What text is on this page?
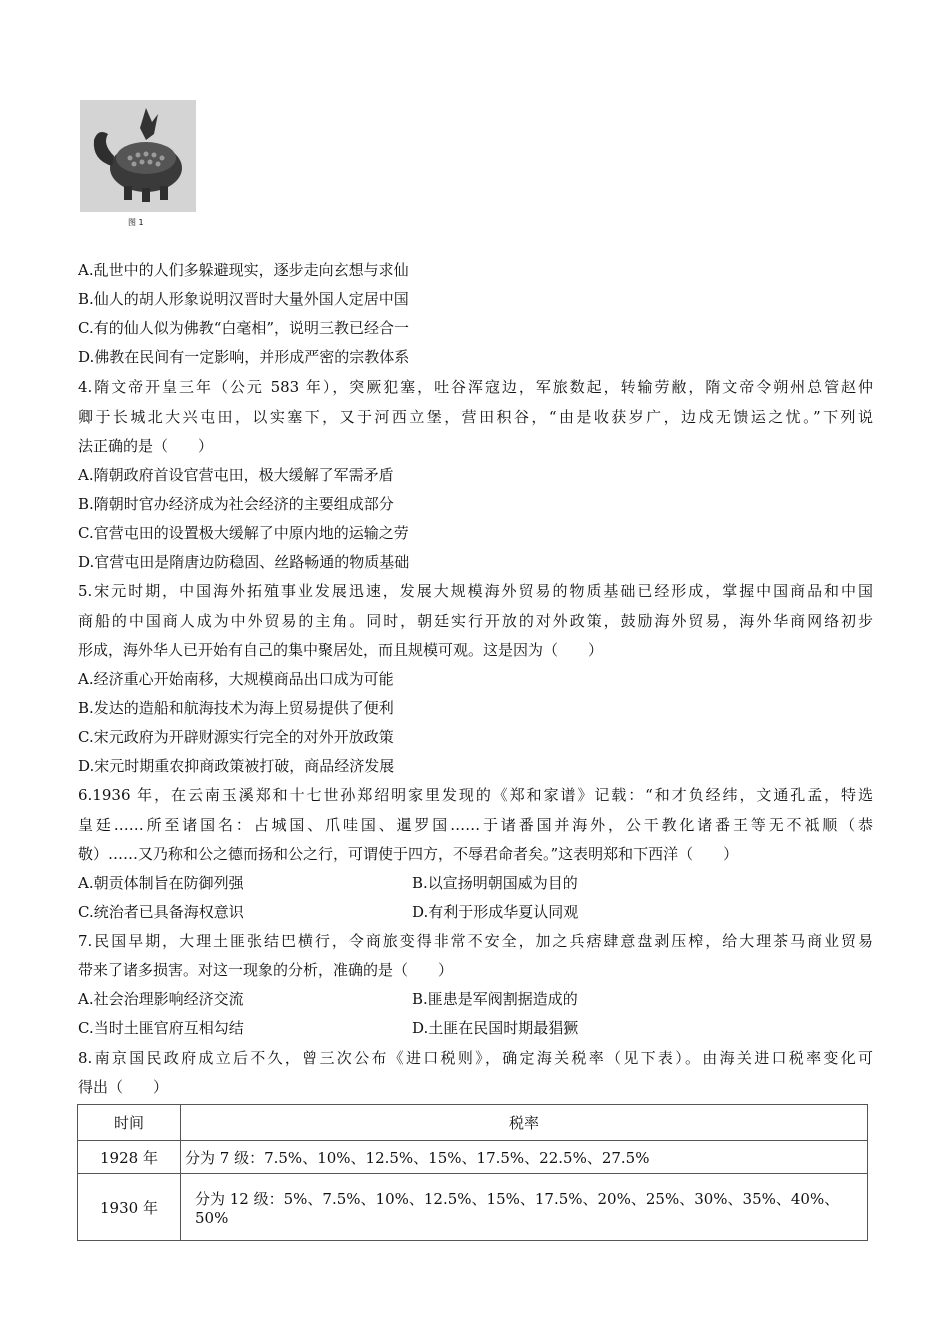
图 1
A.乱世中的人们多躲避现实，逐步走向玄想与求仙
B.仙人的胡人形象说明汉晋时大量外国人定居中国
C.有的仙人似为佛教“白毫相”，说明三教已经合一
D.佛教在民间有一定影响，并形成严密的宗教体系
4.隋文帝开皇三年（公元 583 年），突厥犯塞，吐谷浑寇边，军旅数起，转输劳敝，隋文帝令朔州总管赵仲
卿于长城北大兴屯田，以实塞下，又于河西立堡，营田积谷，“由是收获岁广，边戍无馈运之忧。”下列说
法正确的是（　　）
A.隋朝政府首设官营屯田，极大缓解了军需矛盾
B.隋朝时官办经济成为社会经济的主要组成部分
C.官营屯田的设置极大缓解了中原内地的运输之劳
D.官营屯田是隋唐边防稳固、丝路畅通的物质基础
5.宋元时期，中国海外拓殖事业发展迅速，发展大规模海外贸易的物质基础已经形成，掌握中国商品和中国
商船的中国商人成为中外贸易的主角。同时，朝廷实行开放的对外政策，鼓励海外贸易，海外华商网络初步
形成，海外华人已开始有自己的集中聚居处，而且规模可观。这是因为（　　）
A.经济重心开始南移，大规模商品出口成为可能
B.发达的造船和航海技术为海上贸易提供了便利
C.宋元政府为开辟财源实行完全的对外开放政策
D.宋元时期重农抑商政策被打破，商品经济发展
6.1936 年，在云南玉溪郑和十七世孙郑绍明家里发现的《郑和家谱》记载：“和才负经纬，文通孔孟，特选
皇廷……所至诸国名：占城国、爪哇国、暹罗国……于诸番国并海外，公干教化诸番王等无不祗顺（恭
敬）……又乃称和公之德而扬和公之行，可谓使于四方，不辱君命者矣。”这表明郑和下西洋（　　）
A.朝贡体制旨在防御列强	B.以宣扬明朝国威为目的
C.统治者已具备海权意识	D.有利于形成华夏认同观
7.民国早期，大理土匪张结巴横行，令商旅变得非常不安全，加之兵痞肆意盘剥压榨，给大理茶马商业贸易
带来了诸多损害。对这一现象的分析，准确的是（　　）
A.社会治理影响经济交流	B.匪患是军阀割据造成的
C.当时土匪官府互相勾结	D.土匪在民国时期最猖獗
8.南京国民政府成立后不久，曾三次公布《进口税则》，确定海关税率（见下表）。由海关进口税率变化可
得出（　　）
时间	税率
1928 年	分为 7 级：7.5%、10%、12.5%、15%、17.5%、22.5%、27.5%
1930 年	分为 12 级：5%、7.5%、10%、12.5%、15%、17.5%、20%、25%、30%、35%、40%、50%
